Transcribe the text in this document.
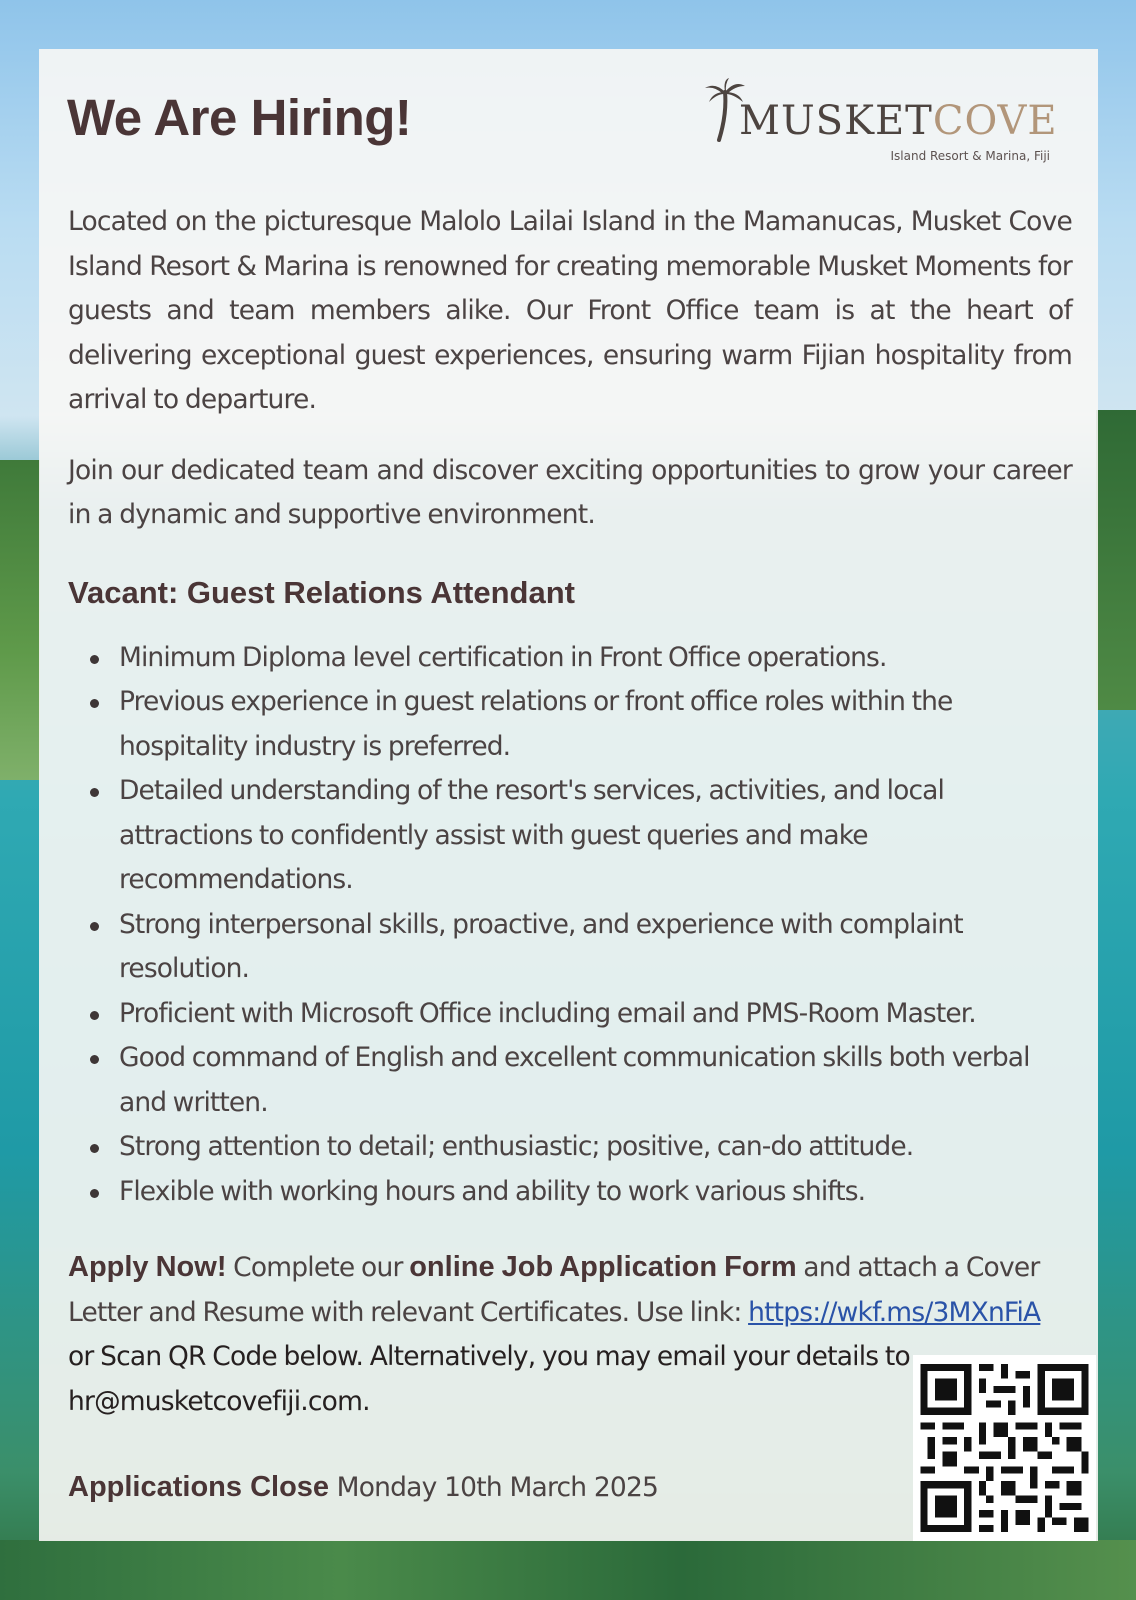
We Are Hiring!	MUSKETCOVE

Island Resort & Marina, Fiji

Located on the picturesque Malolo Lailai Island in the Mamanucas, Musket Cove Island Resort & Marina is renowned for creating memorable Musket Moments for guests and team members alike. Our Front Office team is at the heart of delivering exceptional guest experiences, ensuring warm Fijian hospitality from arrival to departure.

Join our dedicated team and discover exciting opportunities to grow your career in a dynamic and supportive environment.

Vacant: Guest Relations Attendant
Minimum Diploma level certification in Front Office operations.
Previous experience in guest relations or front office roles within the hospitality industry is preferred.
Detailed understanding of the resort's services, activities, and local attractions to confidently assist with guest queries and make recommendations.
Strong interpersonal skills, proactive, and experience with complaint resolution.
Proficient with Microsoft Office including email and PMS-Room Master.
Good command of English and excellent communication skills both verbal and written.
Strong attention to detail; enthusiastic; positive, can-do attitude.
Flexible with working hours and ability to work various shifts.

Apply Now! Complete our online Job Application Form and attach a Cover Letter and Resume with relevant Certificates. Use link: https://wkf.ms/3MXnFiA or Scan QR Code below. Alternatively, you may email your details to hr@musketcovefiji.com.

Applications Close Monday 10th March 2025
